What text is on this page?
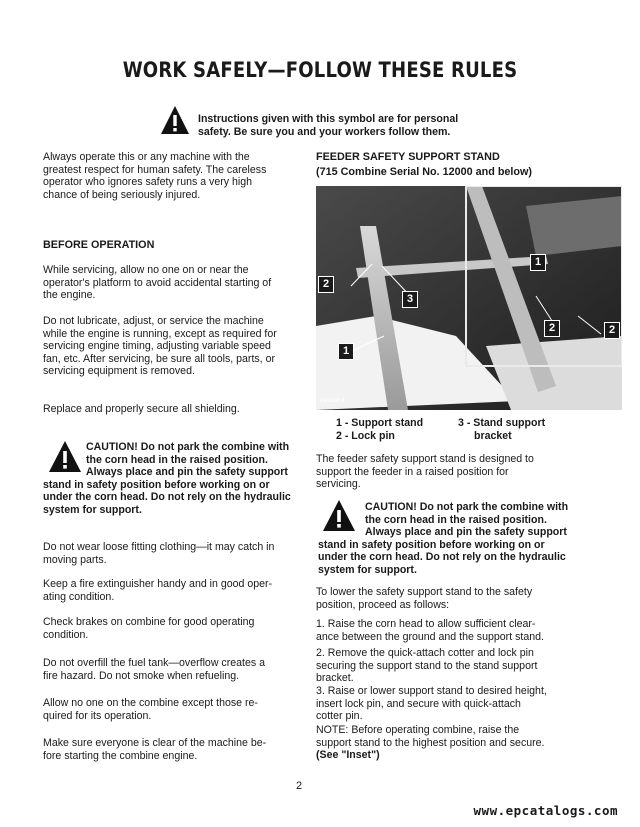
WORK SAFELY—FOLLOW THESE RULES
Instructions given with this symbol are for personal
safety. Be sure you and your workers follow them.
Always operate this or any machine with the
greatest respect for human safety. The careless
operator who ignores safety runs a very high
chance of being seriously injured.
BEFORE OPERATION
While servicing, allow no one on or near the
operator's platform to avoid accidental starting of
the engine.
Do not lubricate, adjust, or service the machine
while the engine is running, except as required for
servicing engine timing, adjusting variable speed
fan, etc. After servicing, be sure all tools, parts, or
servicing equipment is removed.
Replace and properly secure all shielding.
CAUTION! Do not park the combine with
the corn head in the raised position.
Always place and pin the safety support
stand in safety position before working on or
under the corn head. Do not rely on the hydraulic
system for support.
Do not wear loose fitting clothing—it may catch in
moving parts.
Keep a fire extinguisher handy and in good oper-
ating condition.
Check brakes on combine for good operating
condition.
Do not overfill the fuel tank—overflow creates a
fire hazard. Do not smoke when refueling.
Allow no one on the combine except those re-
quired for its operation.
Make sure everyone is clear of the machine be-
fore starting the combine engine.
FEEDER SAFETY SUPPORT STAND
(715 Combine Serial No. 12000 and below)
2
3
1
2	2
1
HA-8160 A
1 - Support stand
2 - Lock pin
3 - Stand support
bracket
The feeder safety support stand is designed to
support the feeder in a raised position for
servicing.
CAUTION! Do not park the combine with
the corn head in the raised position.
Always place and pin the safety support
stand in safety position before working on or
under the corn head. Do not rely on the hydraulic
system for support.
To lower the safety support stand to the safety
position, proceed as follows:
1. Raise the corn head to allow sufficient clear-
ance between the ground and the support stand.
2. Remove the quick-attach cotter and lock pin
securing the support stand to the stand support
bracket.
3. Raise or lower support stand to desired height,
insert lock pin, and secure with quick-attach
cotter pin.
NOTE: Before operating combine, raise the
support stand to the highest position and secure.
(See "Inset")
2
www.epcatalogs.com
